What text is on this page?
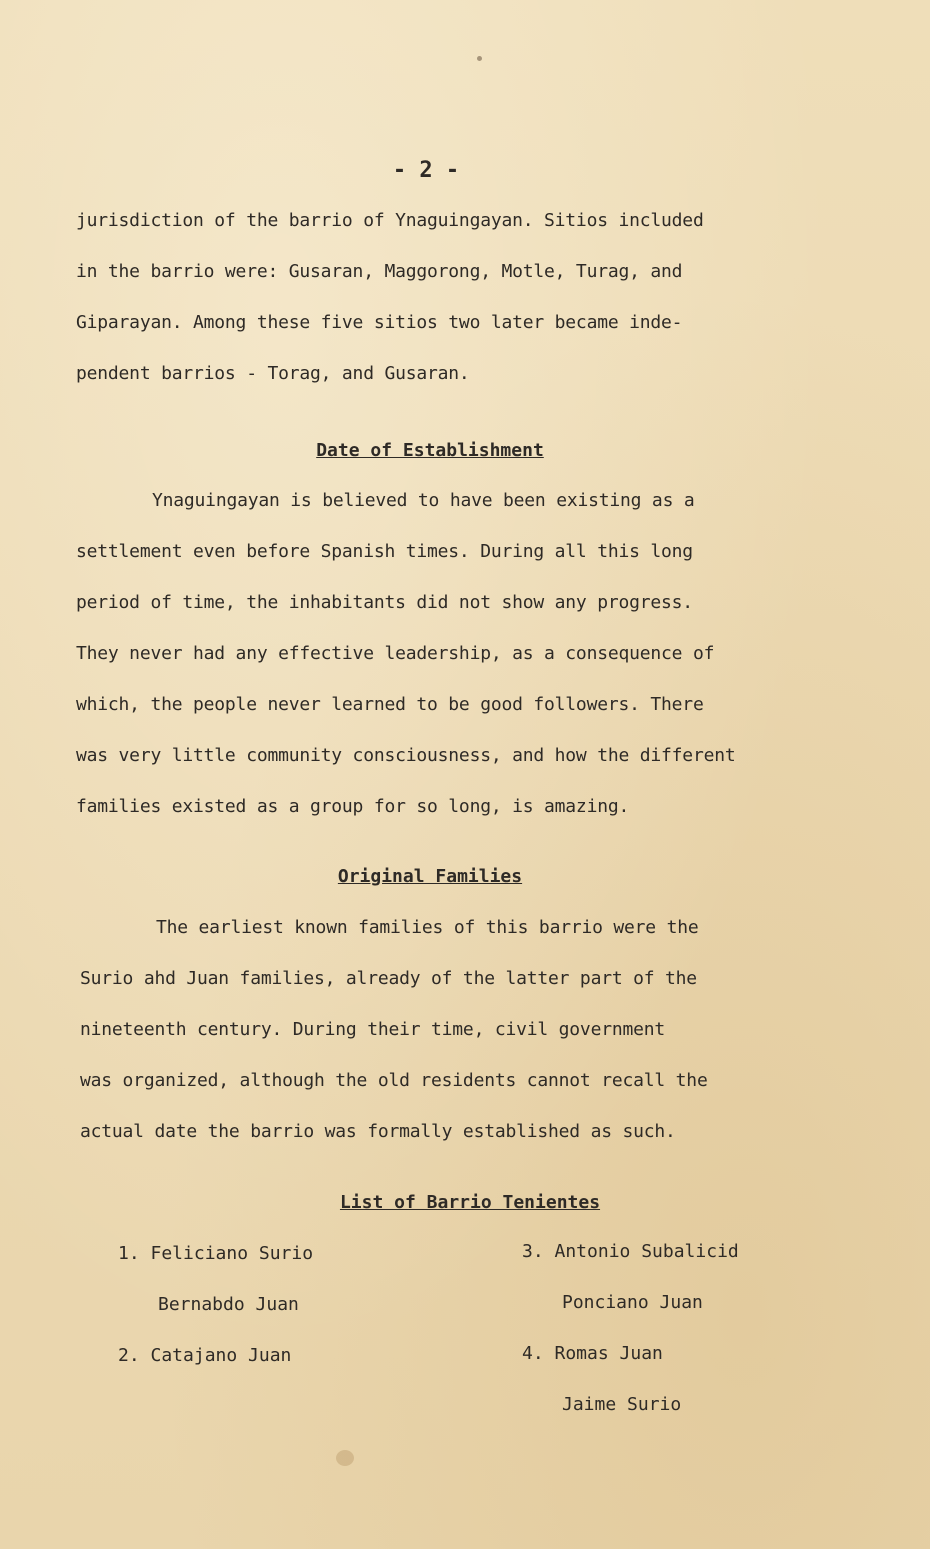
- 2 -

jurisdiction of the barrio of Ynaguingayan. Sitios included
in the barrio were: Gusaran, Maggorong, Motle, Turag, and
Giparayan. Among these five sitios two later became inde-
pendent barrios - Torag, and Gusaran.

Date of Establishment

Ynaguingayan is believed to have been existing as a
settlement even before Spanish times. During all this long
period of time, the inhabitants did not show any progress.
They never had any effective leadership, as a consequence of
which, the people never learned to be good followers. There
was very little community consciousness, and how the different
families existed as a group for so long, is amazing.

Original Families

The earliest known families of this barrio were the
Surio ahd Juan families, already of the latter part of the
nineteenth century. During their time, civil government
was organized, although the old residents cannot recall the
actual date the barrio was formally established as such.

List of Barrio Tenientes
1. Feliciano Surio
Bernabdo Juan
2. Catajano Juan
3. Antonio Subalicid
Ponciano Juan
4. Romas Juan
Jaime Surio
